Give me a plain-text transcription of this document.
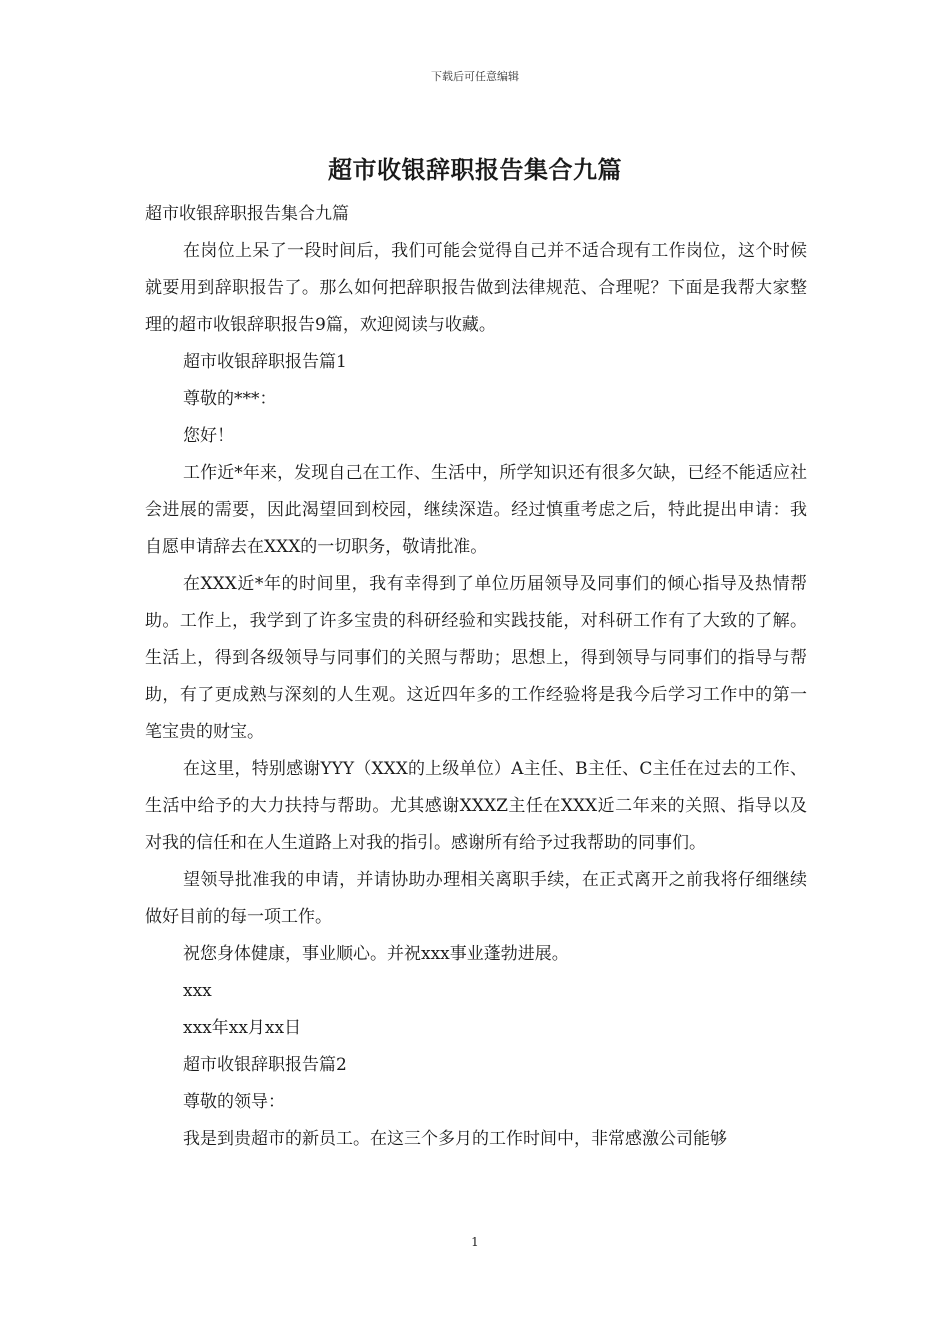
下载后可任意编辑
超市收银辞职报告集合九篇

超市收银辞职报告集合九篇

在岗位上呆了一段时间后，我们可能会觉得自己并不适合现有工作岗位，这个时候就要用到辞职报告了。那么如何把辞职报告做到法律规范、合理呢？下面是我帮大家整理的超市收银辞职报告9篇，欢迎阅读与收藏。

超市收银辞职报告篇1

尊敬的***：

您好！

工作近*年来，发现自己在工作、生活中，所学知识还有很多欠缺，已经不能适应社会进展的需要，因此渴望回到校园，继续深造。经过慎重考虑之后，特此提出申请：我自愿申请辞去在XXX的一切职务，敬请批准。

在XXX近*年的时间里，我有幸得到了单位历届领导及同事们的倾心指导及热情帮助。工作上，我学到了许多宝贵的科研经验和实践技能，对科研工作有了大致的了解。生活上，得到各级领导与同事们的关照与帮助；思想上，得到领导与同事们的指导与帮助，有了更成熟与深刻的人生观。这近四年多的工作经验将是我今后学习工作中的第一笔宝贵的财宝。

在这里，特别感谢YYY（XXX的上级单位）A主任、B主任、C主任在过去的工作、生活中给予的大力扶持与帮助。尤其感谢XXXZ主任在XXX近二年来的关照、指导以及对我的信任和在人生道路上对我的指引。感谢所有给予过我帮助的同事们。

望领导批准我的申请，并请协助办理相关离职手续，在正式离开之前我将仔细继续做好目前的每一项工作。

祝您身体健康，事业顺心。并祝xxx事业蓬勃进展。

xxx

xxx年xx月xx日

超市收银辞职报告篇2

尊敬的领导：

我是到贵超市的新员工。在这三个多月的工作时间中，非常感激公司能够

1
